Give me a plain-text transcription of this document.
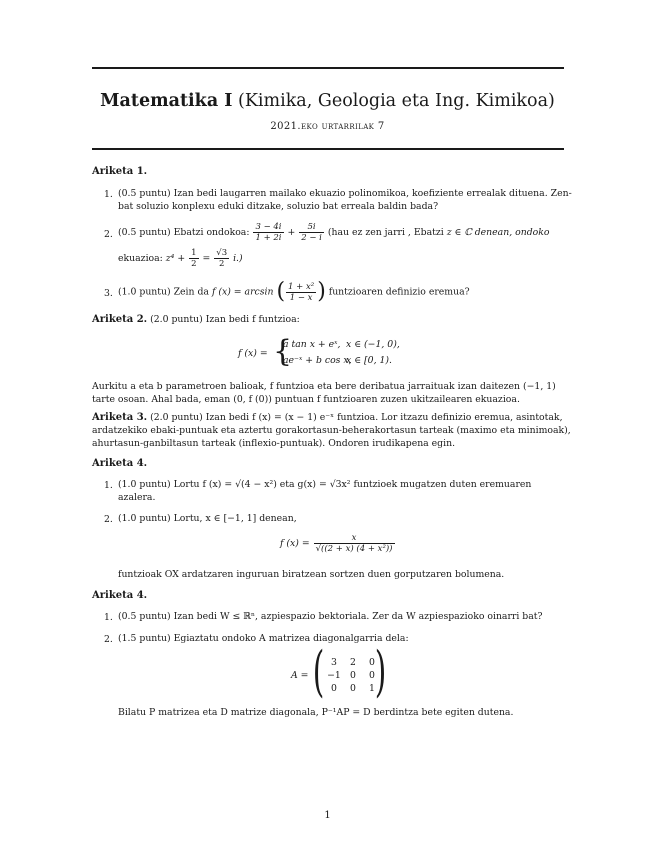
Matematika I (Kimika, Geologia eta Ing. Kimikoa)
2021.eko urtarrilak 7
Ariketa 1.
1. (0.5 puntu) Izan bedi laugarren mailako ekuazio polinomikoa, koefiziente errealak dituena. Zen-
bat soluzio konplexu eduki ditzake, soluzio bat erreala baldin bada?
2. (0.5 puntu) Ebatzi ondokoa: $\frac{3 - 4i}{1 + 2i} + \frac{5i}{2 - i} (hau$ ez zen jarri , Ebatzi z ∈ ℂ denean, ondoko
ekuazioa: $z^4 + \frac{1}{2} = \frac{√3}{2} i$.)
3. (1.0 puntu) Zein da f (x) = arcsin ( $\frac{\text{1 + x²}}{1 - x}$ ) funtzioaren definizio eremua?
Ariketa 2. (2.0 puntu) Izan bedi f funtzioa:
f (x) = {
a tan x + eˣ, x ∈ (−1, 0),
ae⁻ˣ + b cos x,
x ∈ [0, 1).
Aurkitu a eta b parametroen balioak, f funtzioa eta bere deribatua jarraituak izan daitezen (−1, 1)
tarte osoan. Ahal bada, eman (0, f (0)) puntuan f funtzioaren zuzen ukitzailearen ekuazioa.
Ariketa 3. (2.0 puntu) Izan bedi f (x) = (x − 1) e⁻ˣ funtzioa. Lor itzazu definizio eremua, asintotak,
ardatzekiko ebaki-puntuak eta aztertu gorakortasun-beherakortasun tarteak (maximo eta minimoak),
ahurtasun-ganbiltasun tarteak (inflexio-puntuak). Ondoren irudikapena egin.
Ariketa 4.
1. (1.0 puntu) Lortu f (x) = √(4 − x²) eta g(x) = √3x² funtzioek mugatzen duten eremuaren
azalera.
2. (1.0 puntu) Lortu, x ∈ [−1, 1] denean,
f $(x) = \frac{x}{\text{√((2 + x) (4 + x²))}}$
funtzioak OX ardatzaren inguruan biratzean sortzen duen gorputzaren bolumena.
Ariketa 4.
1. (0.5 puntu) Izan bedi W ≤ ℝⁿ, azpiespazio bektoriala. Zer da W azpiespazioko oinarri bat?
2. (1.5 puntu) Egiaztatu ondoko A matrizea diagonalgarria dela:
A = ( )
3	2	0
−1 0	0
0	0	1
Bilatu P matrizea eta D matrize diagonala, P⁻¹AP = D berdintza bete egiten dutena.
1
